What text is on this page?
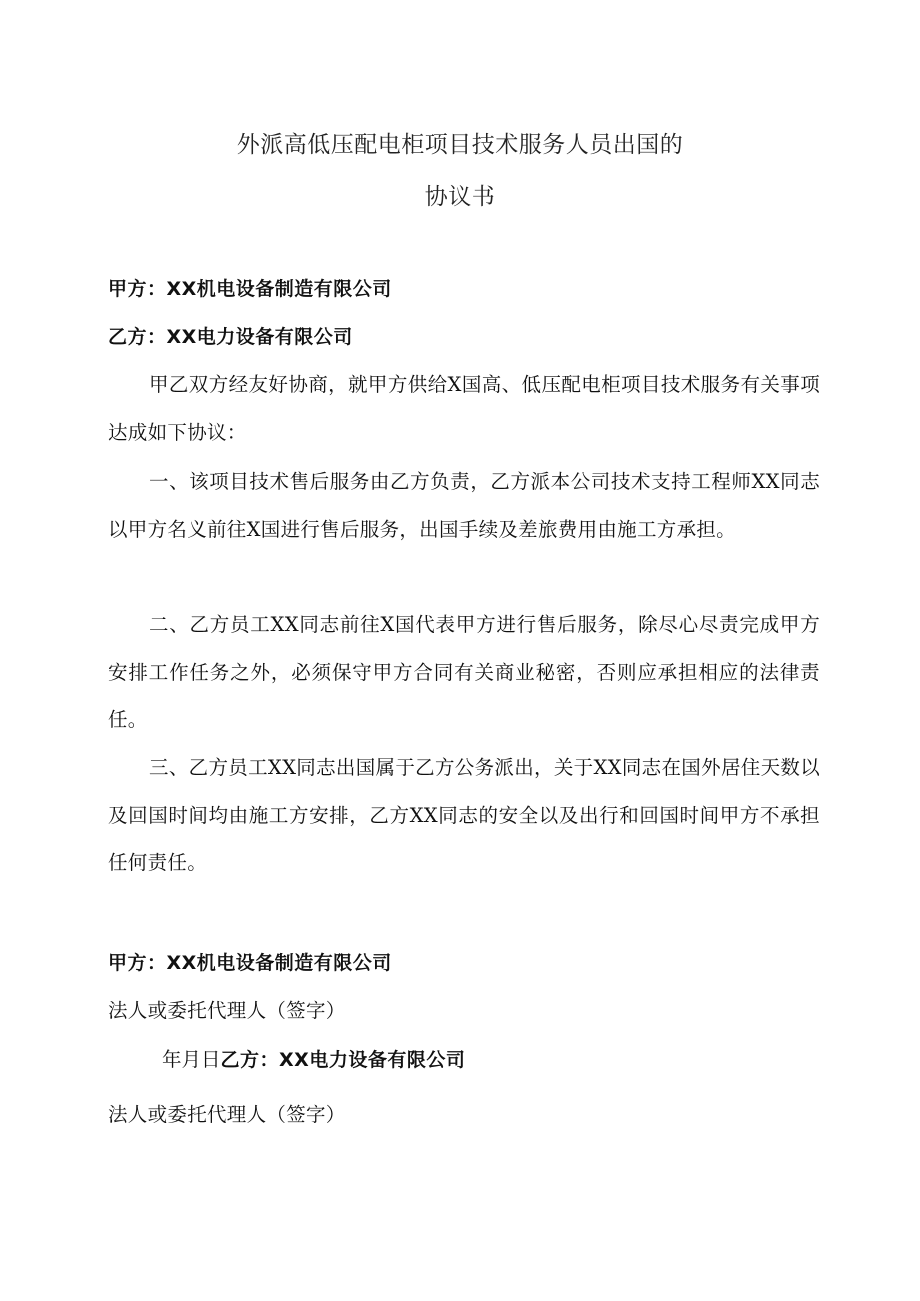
外派高低压配电柜项目技术服务人员出国的
协议书
甲方：XX机电设备制造有限公司
乙方：XX电力设备有限公司

甲乙双方经友好协商，就甲方供给X国高、低压配电柜项目技术服务有关事项达成如下协议：

一、该项目技术售后服务由乙方负责，乙方派本公司技术支持工程师XX同志以甲方名义前往X国进行售后服务，出国手续及差旅费用由施工方承担。

二、乙方员工XX同志前往X国代表甲方进行售后服务，除尽心尽责完成甲方安排工作任务之外，必须保守甲方合同有关商业秘密，否则应承担相应的法律责任。

三、乙方员工XX同志出国属于乙方公务派出，关于XX同志在国外居住天数以及回国时间均由施工方安排，乙方XX同志的安全以及出行和回国时间甲方不承担任何责任。

甲方：XX机电设备制造有限公司
法人或委托代理人（签字）
年月日乙方：XX电力设备有限公司
法人或委托代理人（签字）
